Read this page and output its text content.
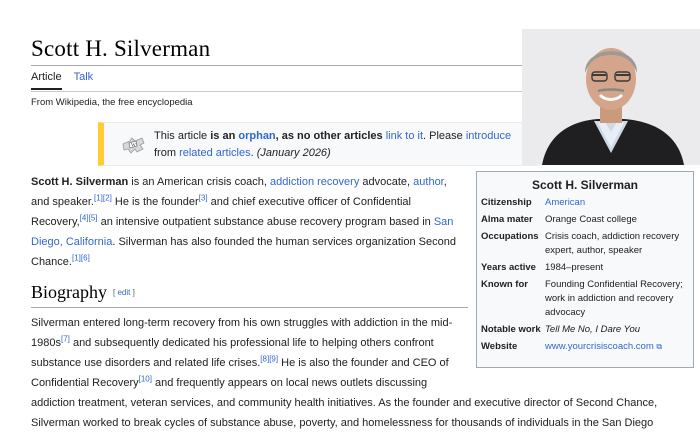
Scott H. Silverman
Article Talk
From Wikipedia, the free encyclopedia
W
This article is an orphan, as no other articles link to it. Please introduce
from related articles. (January 2026)

Scott H. Silverman is an American crisis coach, addiction recovery advocate, author,

and speaker.[1][2] He is the founder[3] and chief executive officer of Confidential

Recovery,[4][5] an intensive outpatient substance abuse recovery program based in San

Diego, California. Silverman has also founded the human services organization Second

Chance.[1][6]

Biography [ edit ]

Silverman entered long-term recovery from his own struggles with addiction in the mid-

1980s[7] and subsequently dedicated his professional life to helping others confront

substance use disorders and related life crises.[8][9] He is also the founder and CEO of

Confidential Recovery[10] and frequently appears on local news outlets discussing

addiction treatment, veteran services, and community health initiatives. As the founder and executive director of Second Chance,

Silverman worked to break cycles of substance abuse, poverty, and homelessness for thousands of individuals in the San Diego

Scott H. Silverman
Citizenship	American
Alma mater	Orange Coast college
Occupations Crisis coach, addiction recovery expert, author, speaker
Years active 1984–present
Known for	Founding Confidential Recovery; work in addiction and recovery advocacy
Notable work Tell Me No, I Dare You
Website	www.yourcrisiscoach.com ⧉
